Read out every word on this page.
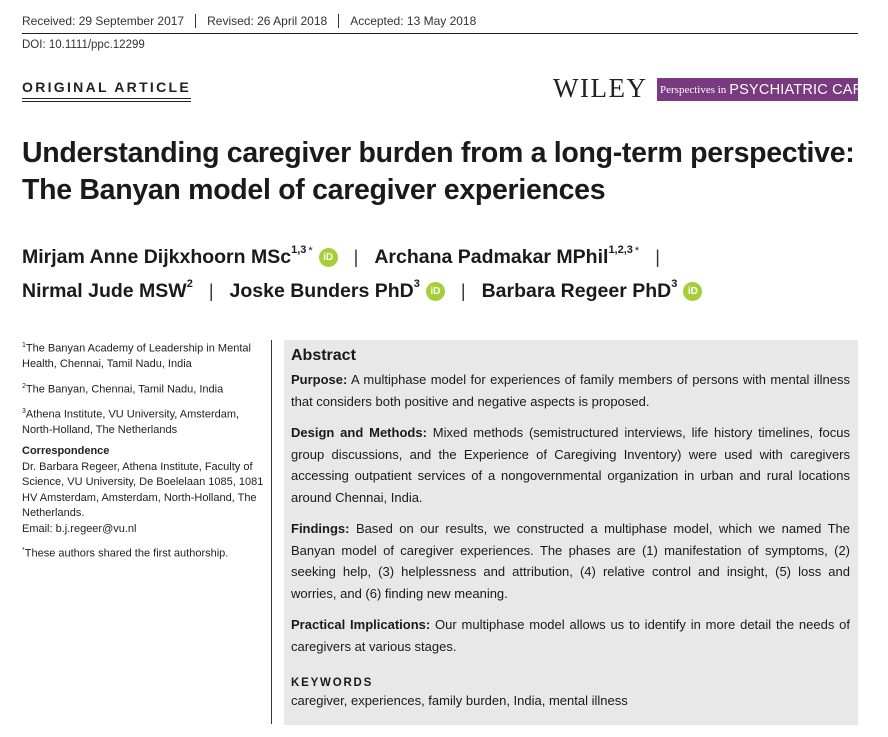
Received: 29 September 2017	Revised: 26 April 2018	Accepted: 13 May 2018
DOI: 10.1111/ppc.12299
ORIGINAL ARTICLE	WILEY Perspectives in PSYCHIATRIC CARE
Understanding caregiver burden from a long-term perspective:
The Banyan model of caregiver experiences
Mirjam Anne Dijkxhoorn MSc$^{1,3}$ *	iD | Archana Padmakar MPhil$^{1,2,3}$ * |
Nirmal Jude MSW$^2$ | Joske Bunders PhD$^3$
iD | Barbara Regeer PhD$^3$
iD

$^1$The Banyan Academy of Leadership in Mental Health, Chennai, Tamil Nadu, India

$^2$The Banyan, Chennai, Tamil Nadu, India

$^3$Athena Institute, VU University, Amsterdam, North-Holland, The Netherlands

Correspondence

Dr. Barbara Regeer, Athena Institute, Faculty of Science, VU University, De Boelelaan 1085, 1081 HV Amsterdam, Amsterdam, North-Holland, The Netherlands.

Email: b.j.regeer@vu.nl

*These authors shared the first authorship.

Abstract

Purpose: A multiphase model for experiences of family members of persons with mental illness that considers both positive and negative aspects is proposed.

Design and Methods: Mixed methods (semistructured interviews, life history timelines, focus group discussions, and the Experience of Caregiving Inventory) were used with caregivers accessing outpatient services of a nongovernmental organization in urban and rural locations around Chennai, India.

Findings: Based on our results, we constructed a multiphase model, which we named The Banyan model of caregiver experiences. The phases are (1) manifestation of symptoms, (2) seeking help, (3) helplessness and attribution, (4) relative control and insight, (5) loss and worries, and (6) finding new meaning.

Practical Implications: Our multiphase model allows us to identify in more detail the needs of caregivers at various stages.

KEYWORDS
caregiver, experiences, family burden, India, mental illness
